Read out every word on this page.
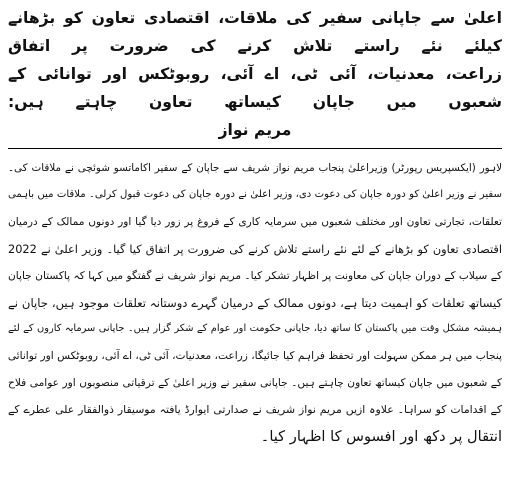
اعلیٰ سے جاپانی سفیر کی ملاقات، اقتصادی تعاون کو بڑھانے کیلئے نئے راستے تلاش کرنے کی ضرورت پر اتفاق
زراعت، معدنیات، آئی ٹی، اے آئی، روبوٹکس اور توانائی کے شعبوں میں جاپان کیساتھ تعاون چاہتے ہیں:
مریم نواز
لاہور (ایکسپریس رپورٹر) وزیراعلیٰ پنجاب مریم نواز شریف سے جاپان کے سفیر اکاماتسو شوئچی نے ملاقات کی۔
سفیر نے وزیر اعلیٰ کو دورہ جاپان کی دعوت دی، وزیر اعلیٰ نے دورہ جاپان کی دعوت قبول کرلی۔ ملاقات میں باہمی
تعلقات، تجارتی تعاون اور مختلف شعبوں میں سرمایہ کاری کے فروغ پر زور دیا گیا اور دونوں ممالک کے درمیان
اقتصادی تعاون کو بڑھانے کے لئے نئے راستے تلاش کرنے کی ضرورت پر اتفاق کیا گیا۔ وزیر اعلیٰ نے 2022
کے سیلاب کے دوران جاپان کی معاونت پر اظہار تشکر کیا۔ مریم نواز شریف نے گفتگو میں کہا کہ پاکستان جاپان
کیساتھ تعلقات کو اہمیت دیتا ہے، دونوں ممالک کے درمیان گہرے دوستانہ تعلقات موجود ہیں، جاپان نے
ہمیشہ مشکل وقت میں پاکستان کا ساتھ دیا، جاپانی حکومت اور عوام کے شکر گزار ہیں۔ جاپانی سرمایہ کاروں کے لئے
پنجاب میں ہر ممکن سہولت اور تحفظ فراہم کیا جائیگا، زراعت، معدنیات، آئی ٹی، اے آئی، روبوٹکس اور توانائی
کے شعبوں میں جاپان کیساتھ تعاون چاہتے ہیں۔ جاپانی سفیر نے وزیر اعلیٰ کے ترقیاتی منصوبوں اور عوامی فلاح
کے اقدامات کو سراہا۔ علاوہ ازیں مریم نواز شریف نے صدارتی ایوارڈ یافتہ موسیقار ذوالفقار علی عطرے کے
انتقال پر دکھ اور افسوس کا اظہار کیا۔
